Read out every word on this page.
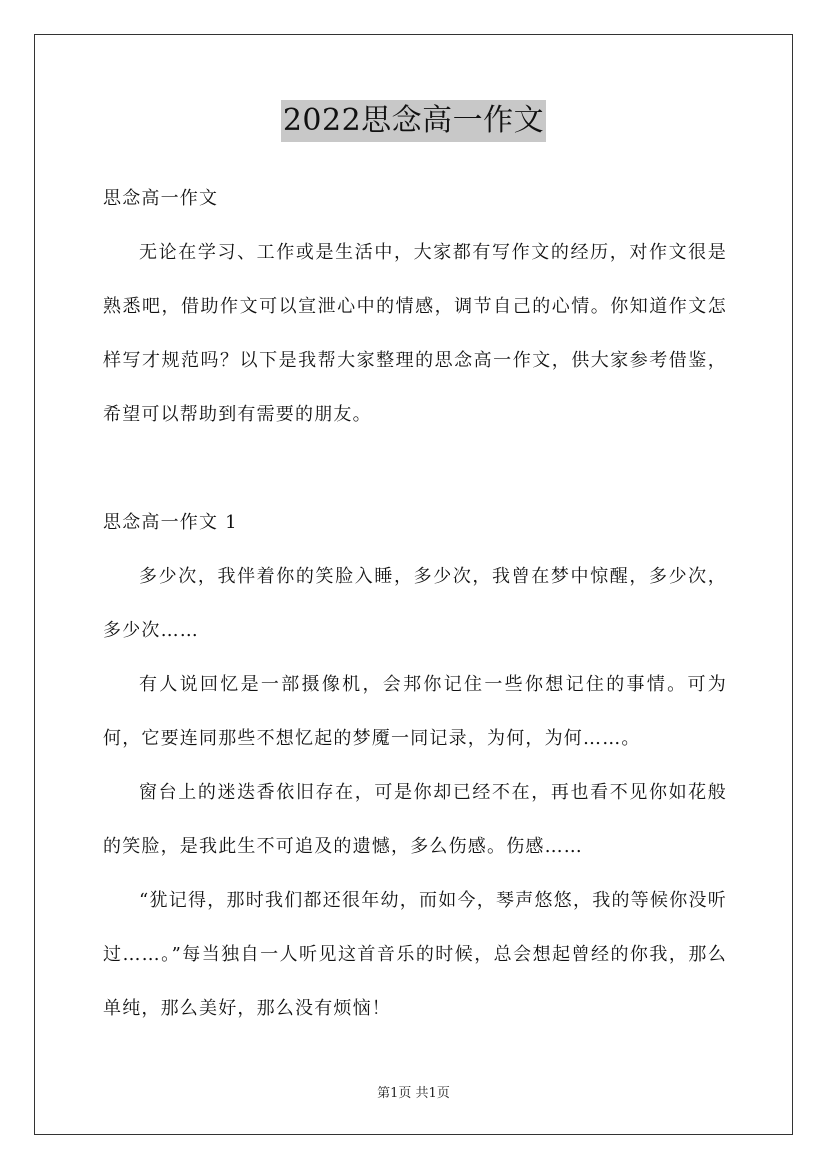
2022思念高一作文

思念高一作文

无论在学习、工作或是生活中，大家都有写作文的经历，对作文很是熟悉吧，借助作文可以宣泄心中的情感，调节自己的心情。你知道作文怎样写才规范吗？以下是我帮大家整理的思念高一作文，供大家参考借鉴，希望可以帮助到有需要的朋友。

思念高一作文 1

多少次，我伴着你的笑脸入睡，多少次，我曾在梦中惊醒，多少次，多少次……

有人说回忆是一部摄像机，会邦你记住一些你想记住的事情。可为何，它要连同那些不想忆起的梦魇一同记录，为何，为何……。

窗台上的迷迭香依旧存在，可是你却已经不在，再也看不见你如花般的笑脸，是我此生不可追及的遗憾，多么伤感。伤感……

“犹记得，那时我们都还很年幼，而如今，琴声悠悠，我的等候你没听过……。”每当独自一人听见这首音乐的时候，总会想起曾经的你我，那么单纯，那么美好，那么没有烦恼！

第1页 共1页
